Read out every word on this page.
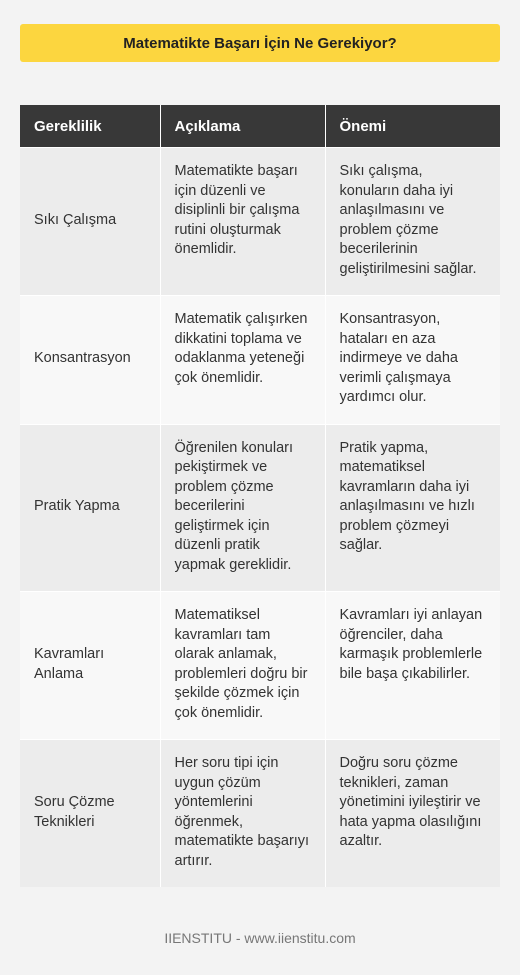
Matematikte Başarı İçin Ne Gerekiyor?
Gereklilik	Açıklama	Önemi
Sıkı Çalışma	Matematikte başarı için düzenli ve disiplinli bir çalışma rutini oluşturmak önemlidir.	Sıkı çalışma, konuların daha iyi anlaşılmasını ve problem çözme becerilerinin geliştirilmesini sağlar.
Konsantrasyon	Matematik çalışırken dikkatini toplama ve odaklanma yeteneği çok önemlidir.	Konsantrasyon, hataları en aza indirmeye ve daha verimli çalışmaya yardımcı olur.
Pratik Yapma	Öğrenilen konuları pekiştirmek ve problem çözme becerilerini geliştirmek için düzenli pratik yapmak gereklidir.	Pratik yapma, matematiksel kavramların daha iyi anlaşılmasını ve hızlı problem çözmeyi sağlar.
Kavramları Anlama	Matematiksel kavramları tam olarak anlamak, problemleri doğru bir şekilde çözmek için çok önemlidir.	Kavramları iyi anlayan öğrenciler, daha karmaşık problemlerle bile başa çıkabilirler.
Soru Çözme Teknikleri	Her soru tipi için uygun çözüm yöntemlerini öğrenmek, matematikte başarıyı artırır.	Doğru soru çözme teknikleri, zaman yönetimini iyileştirir ve hata yapma olasılığını azaltır.
IIENSTITU - www.iienstitu.com
